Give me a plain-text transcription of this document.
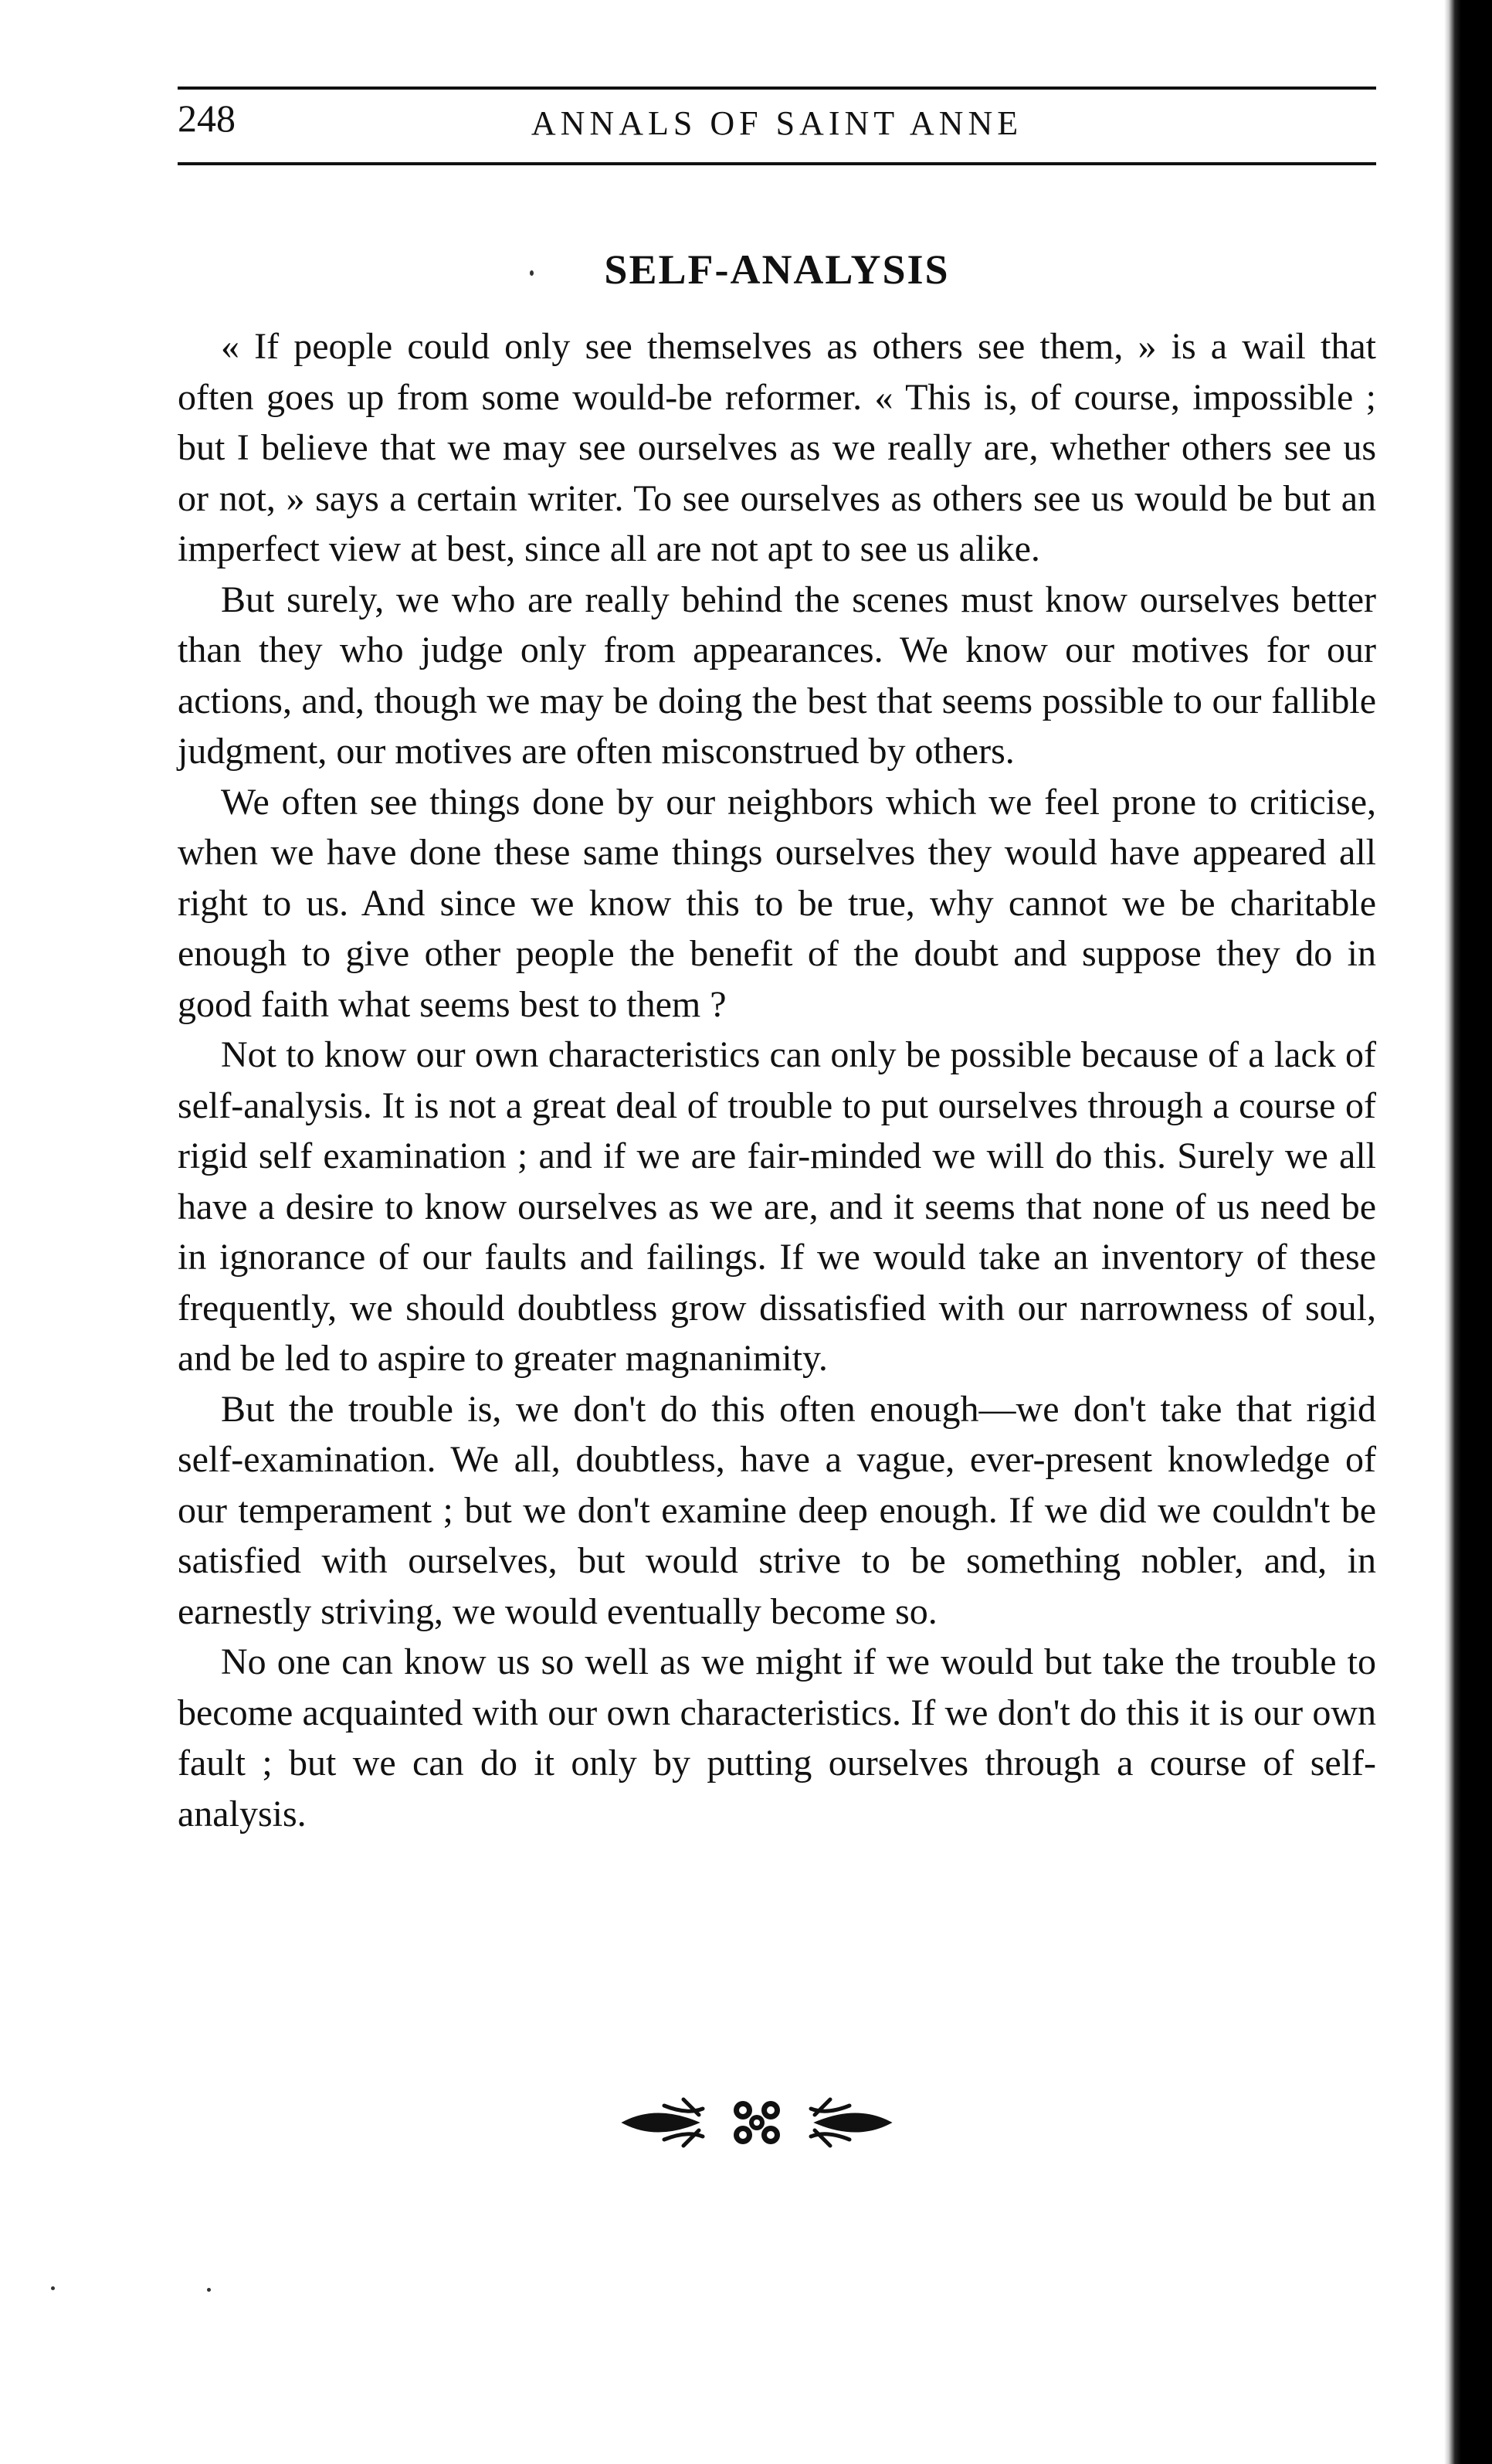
248	ANNALS OF SAINT ANNE
SELF-ANALYSIS

« If people could only see themselves as others see them, » is a wail that often goes up from some would-be reformer. « This is, of course, impossible ; but I believe that we may see ourselves as we really are, whether others see us or not, » says a certain writer. To see ourselves as others see us would be but an imperfect view at best, since all are not apt to see us alike.

But surely, we who are really behind the scenes must know ourselves better than they who judge only from appearances. We know our motives for our actions, and, though we may be doing the best that seems possible to our fallible judgment, our motives are often misconstrued by others.

We often see things done by our neighbors which we feel prone to criticise, when we have done these same things ourselves they would have appeared all right to us. And since we know this to be true, why cannot we be charitable enough to give other people the benefit of the doubt and suppose they do in good faith what seems best to them ?

Not to know our own characteristics can only be possible because of a lack of self-analysis. It is not a great deal of trouble to put ourselves through a course of rigid self examination ; and if we are fair-minded we will do this. Surely we all have a desire to know ourselves as we are, and it seems that none of us need be in ignorance of our faults and failings. If we would take an inventory of these frequently, we should doubtless grow dissatisfied with our narrowness of soul, and be led to aspire to greater magnanimity.

But the trouble is, we don't do this often enough—we don't take that rigid self-examination. We all, doubtless, have a vague, ever-present knowledge of our temperament ; but we don't examine deep enough. If we did we couldn't be satisfied with ourselves, but would strive to be something nobler, and, in earnestly striving, we would eventually become so.

No one can know us so well as we might if we would but take the trouble to become acquainted with our own characteristics. If we don't do this it is our own fault ; but we can do it only by putting ourselves through a course of self-analysis.
